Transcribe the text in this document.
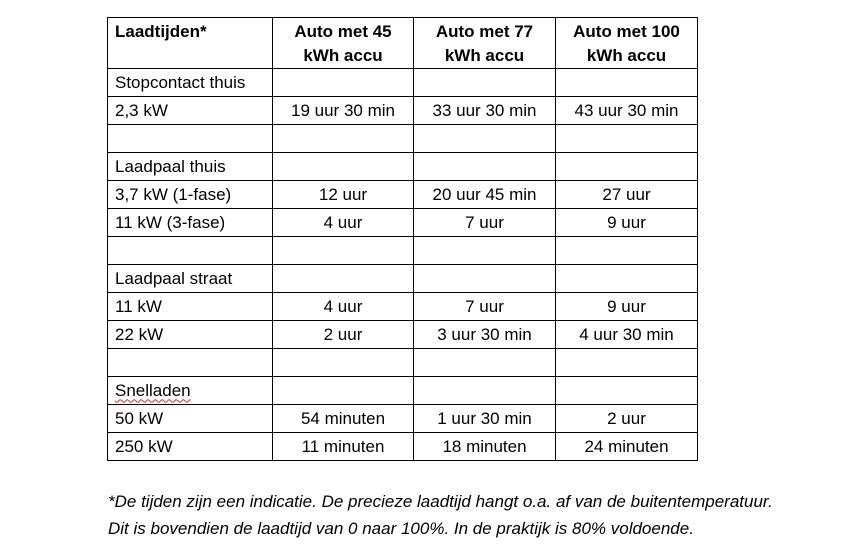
Laadtijden*	Auto met 45 kWh accu	Auto met 77 kWh accu	Auto met 100 kWh accu
Stopcontact thuis			
2,3 kW	19 uur 30 min	33 uur 30 min	43 uur 30 min

Laadpaal thuis			
3,7 kW (1-fase)	12 uur	20 uur 45 min	27 uur
11 kW (3-fase)	4 uur	7 uur	9 uur

Laadpaal straat			
11 kW	4 uur	7 uur	9 uur
22 kW	2 uur	3 uur 30 min	4 uur 30 min

Snelladen			
50 kW	54 minuten	1 uur 30 min	2 uur
250 kW	11 minuten	18 minuten	24 minuten

*De tijden zijn een indicatie. De precieze laadtijd hangt o.a. af van de buitentemperatuur.

Dit is bovendien de laadtijd van 0 naar 100%. In de praktijk is 80% voldoende.
